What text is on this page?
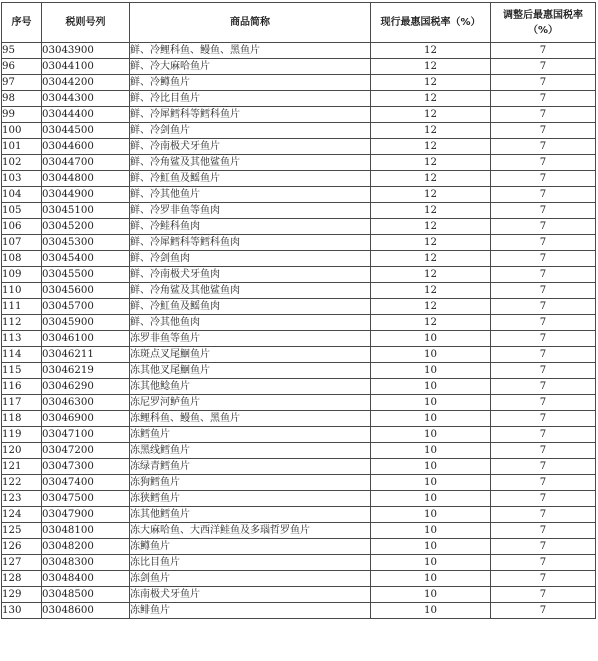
序号	税则号列	商品简称	现行最惠国税率（%）	调整后最惠国税率（%）
95	03043900	鲜、冷鲤科鱼、鳗鱼、黑鱼片	12	7
96	03044100	鲜、冷大麻哈鱼片	12	7
97	03044200	鲜、冷鳟鱼片	12	7
98	03044300	鲜、冷比目鱼片	12	7
99	03044400	鲜、冷犀鳕科等鳕科鱼片	12	7
100	03044500	鲜、冷剑鱼片	12	7
101	03044600	鲜、冷南极犬牙鱼片	12	7
102	03044700	鲜、冷角鲨及其他鲨鱼片	12	7
103	03044800	鲜、冷魟鱼及鳐鱼片	12	7
104	03044900	鲜、冷其他鱼片	12	7
105	03045100	鲜、冷罗非鱼等鱼肉	12	7
106	03045200	鲜、冷鲑科鱼肉	12	7
107	03045300	鲜、冷犀鳕科等鳕科鱼肉	12	7
108	03045400	鲜、冷剑鱼肉	12	7
109	03045500	鲜、冷南极犬牙鱼肉	12	7
110	03045600	鲜、冷角鲨及其他鲨鱼肉	12	7
111	03045700	鲜、冷魟鱼及鳐鱼肉	12	7
112	03045900	鲜、冷其他鱼肉	12	7
113	03046100	冻罗非鱼等鱼片	10	7
114	03046211	冻斑点叉尾鮰鱼片	10	7
115	03046219	冻其他叉尾鮰鱼片	10	7
116	03046290	冻其他鲶鱼片	10	7
117	03046300	冻尼罗河鲈鱼片	10	7
118	03046900	冻鲤科鱼、鳗鱼、黑鱼片	10	7
119	03047100	冻鳕鱼片	10	7
120	03047200	冻黑线鳕鱼片	10	7
121	03047300	冻绿青鳕鱼片	10	7
122	03047400	冻狗鳕鱼片	10	7
123	03047500	冻狭鳕鱼片	10	7
124	03047900	冻其他鳕鱼片	10	7
125	03048100	冻大麻哈鱼、大西洋鲑鱼及多瑙哲罗鱼片	10	7
126	03048200	冻鳟鱼片	10	7
127	03048300	冻比目鱼片	10	7
128	03048400	冻剑鱼片	10	7
129	03048500	冻南极犬牙鱼片	10	7
130	03048600	冻鲱鱼片	10	7
